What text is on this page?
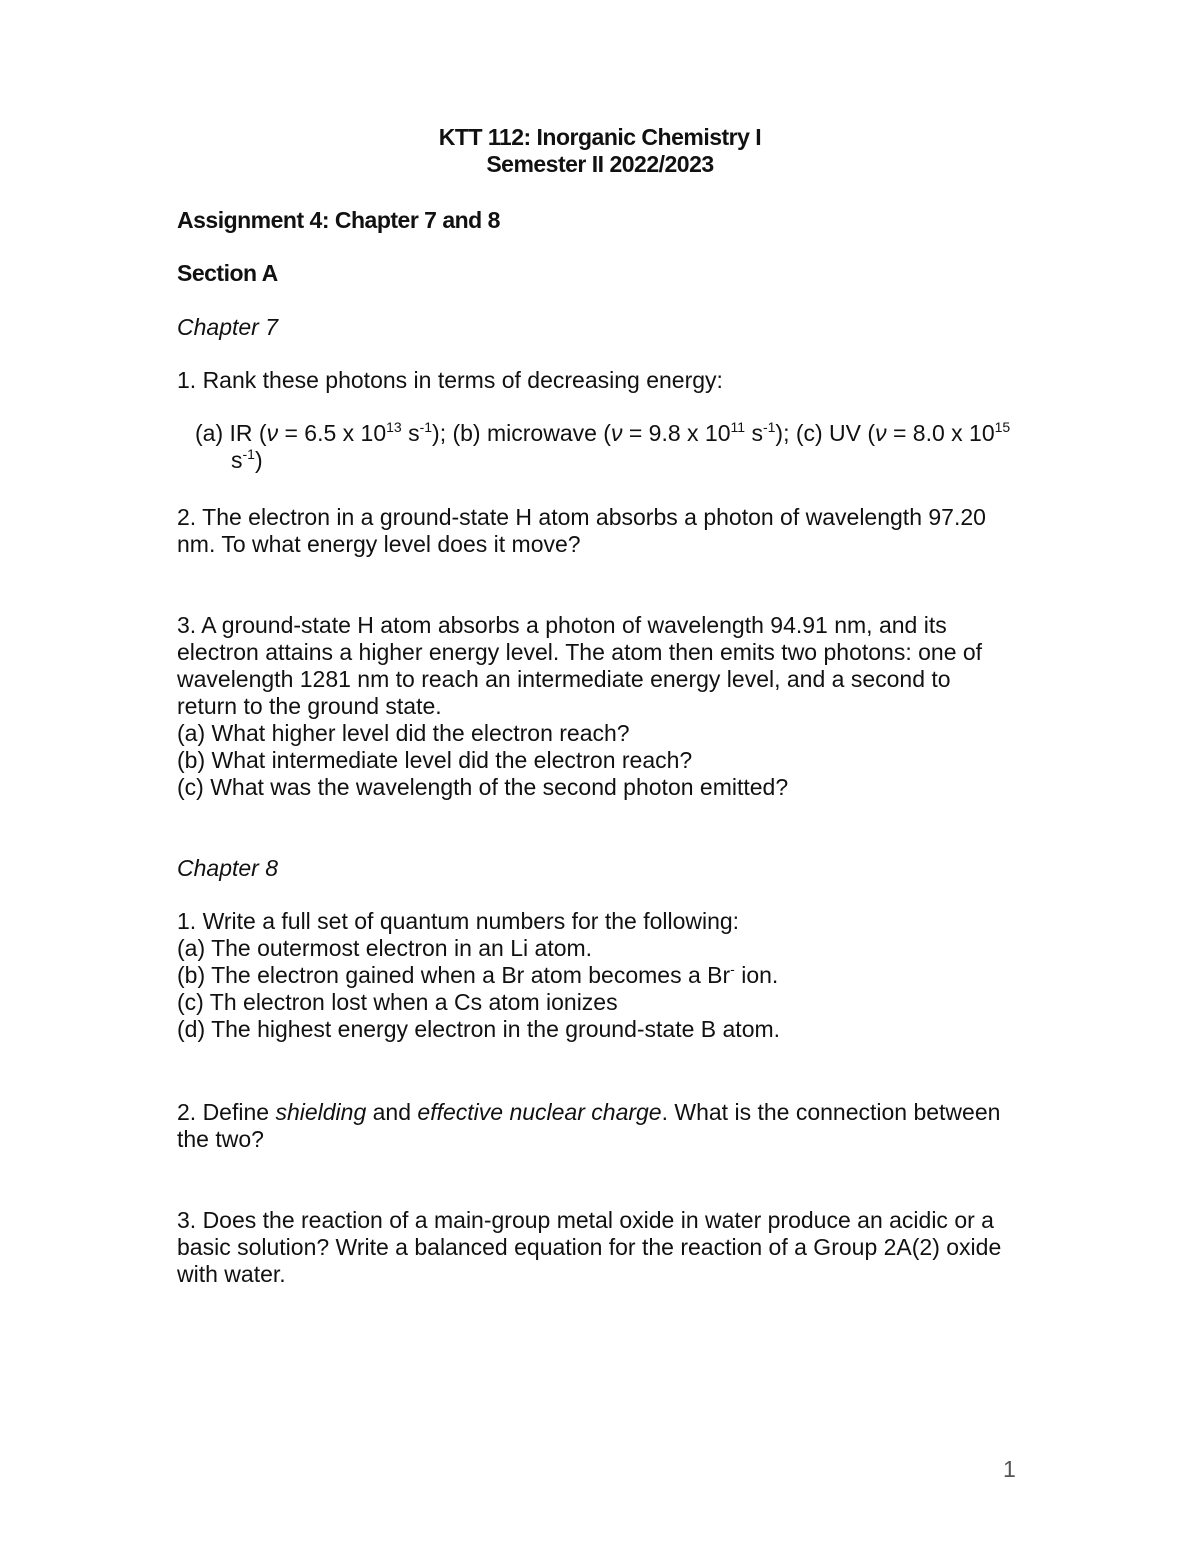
KTT 112: Inorganic Chemistry I
Semester II 2022/2023
Assignment 4: Chapter 7 and 8
Section A
Chapter 7
1. Rank these photons in terms of decreasing energy:
(a) IR (ν = 6.5 x $10^{13}$ $s^{-1}$); (b) microwave (ν = 9.8 x $10^{11}$ $s^{-1}$); (c) UV (ν = 8.0 x $10^{15}$
$s^{-1}$)
2. The electron in a ground-state H atom absorbs a photon of wavelength 97.20
nm. To what energy level does it move?
3. A ground-state H atom absorbs a photon of wavelength 94.91 nm, and its
electron attains a higher energy level. The atom then emits two photons: one of
wavelength 1281 nm to reach an intermediate energy level, and a second to
return to the ground state.
(a) What higher level did the electron reach?
(b) What intermediate level did the electron reach?
(c) What was the wavelength of the second photon emitted?
Chapter 8
1. Write a full set of quantum numbers for the following:
(a) The outermost electron in an Li atom.
(b) The electron gained when a Br atom becomes a Br- ion.
(c) Th electron lost when a Cs atom ionizes
(d) The highest energy electron in the ground-state B atom.
2. Define shielding and effective nuclear charge. What is the connection between
the two?
3. Does the reaction of a main-group metal oxide in water produce an acidic or a
basic solution? Write a balanced equation for the reaction of a Group 2A(2) oxide
with water.
1
